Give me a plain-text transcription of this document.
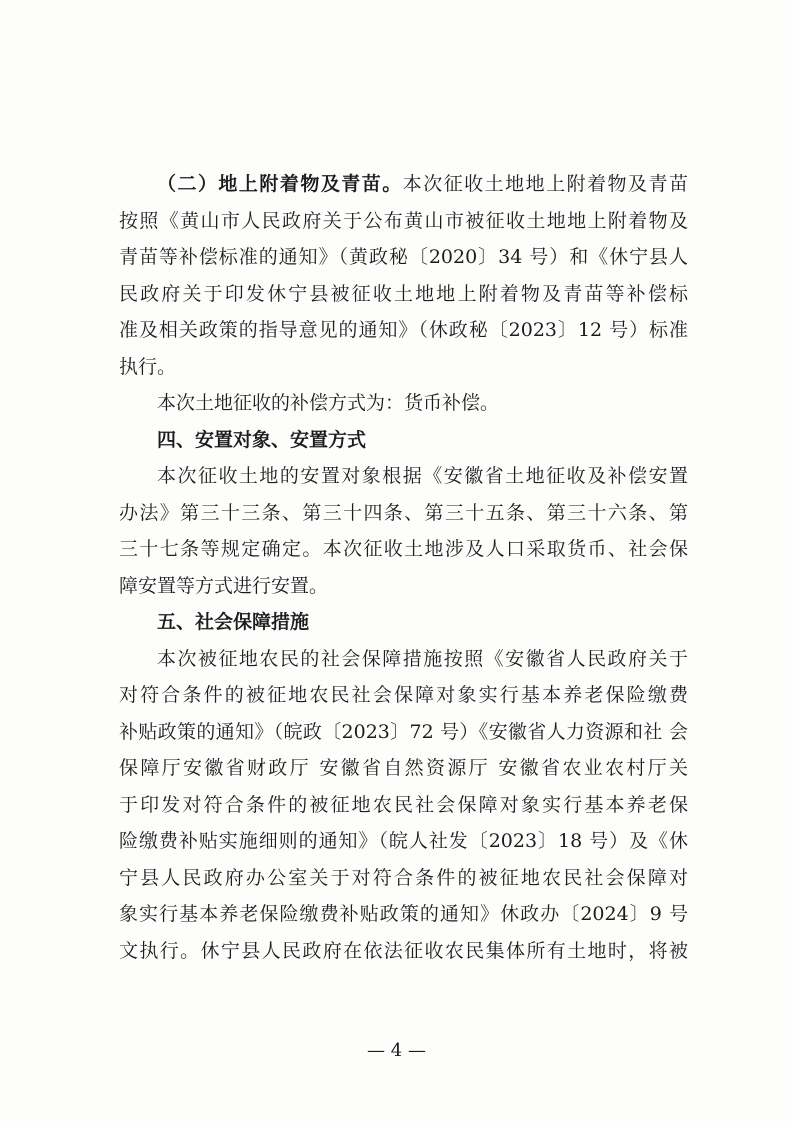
（二）地上附着物及青苗。本次征收土地地上附着物及青苗
按照《黄山市人民政府关于公布黄山市被征收土地地上附着物及
青苗等补偿标准的通知》（黄政秘〔2020〕34 号）和《休宁县人
民政府关于印发休宁县被征收土地地上附着物及青苗等补偿标
准及相关政策的指导意见的通知》（休政秘〔2023〕12 号）标准
执行。
本次土地征收的补偿方式为：货币补偿。
四、安置对象、安置方式
本次征收土地的安置对象根据《安徽省土地征收及补偿安置
办法》第三十三条、第三十四条、第三十五条、第三十六条、第
三十七条等规定确定。本次征收土地涉及人口采取货币、社会保
障安置等方式进行安置。
五、社会保障措施
本次被征地农民的社会保障措施按照《安徽省人民政府关于
对符合条件的被征地农民社会保障对象实行基本养老保险缴费
补贴政策的通知》（皖政〔2023〕72 号）《安徽省人力资源和社 会
保障厅安徽省财政厅 安徽省自然资源厅 安徽省农业农村厅关
于印发对符合条件的被征地农民社会保障对象实行基本养老保
险缴费补贴实施细则的通知》（皖人社发〔2023〕18 号）及《休
宁县人民政府办公室关于对符合条件的被征地农民社会保障对
象实行基本养老保险缴费补贴政策的通知》休政办〔2024〕9 号
文执行。休宁县人民政府在依法征收农民集体所有土地时，将被
— 4 —
